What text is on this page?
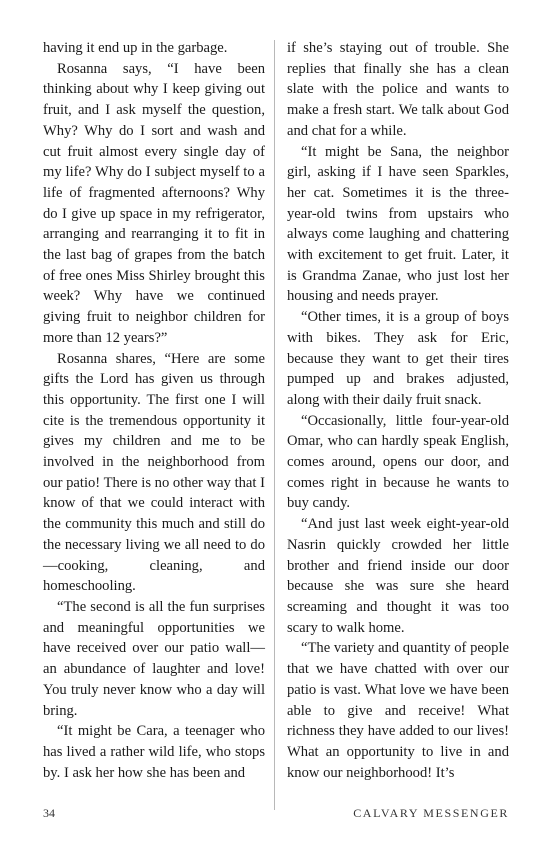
having it end up in the garbage.

Rosanna says, “I have been thinking about why I keep giving out fruit, and I ask myself the question, Why? Why do I sort and wash and cut fruit almost every single day of my life? Why do I subject myself to a life of fragmented afternoons? Why do I give up space in my refrigerator, arranging and rearranging it to fit in the last bag of grapes from the batch of free ones Miss Shirley brought this week? Why have we continued giving fruit to neighbor children for more than 12 years?”

Rosanna shares, “Here are some gifts the Lord has given us through this opportunity. The first one I will cite is the tremendous opportunity it gives my children and me to be involved in the neighborhood from our patio! There is no other way that I know of that we could interact with the community this much and still do the necessary living we all need to do—cooking, cleaning, and homeschooling.

“The second is all the fun surprises and meaningful opportunities we have received over our patio wall—an abundance of laughter and love! You truly never know who a day will bring.

“It might be Cara, a teenager who has lived a rather wild life, who stops by. I ask her how she has been and

if she’s staying out of trouble. She replies that finally she has a clean slate with the police and wants to make a fresh start. We talk about God and chat for a while.

“It might be Sana, the neighbor girl, asking if I have seen Sparkles, her cat. Sometimes it is the three-year-old twins from upstairs who always come laughing and chattering with excitement to get fruit. Later, it is Grandma Zanae, who just lost her housing and needs prayer.

“Other times, it is a group of boys with bikes. They ask for Eric, because they want to get their tires pumped up and brakes adjusted, along with their daily fruit snack.

“Occasionally, little four-year-old Omar, who can hardly speak English, comes around, opens our door, and comes right in because he wants to buy candy.

“And just last week eight-year-old Nasrin quickly crowded her little brother and friend inside our door because she was sure she heard screaming and thought it was too scary to walk home.

“The variety and quantity of people that we have chatted with over our patio is vast. What love we have been able to give and receive! What richness they have added to our lives! What an opportunity to live in and know our neighborhood! It’s

34	CALVARY MESSENGER
